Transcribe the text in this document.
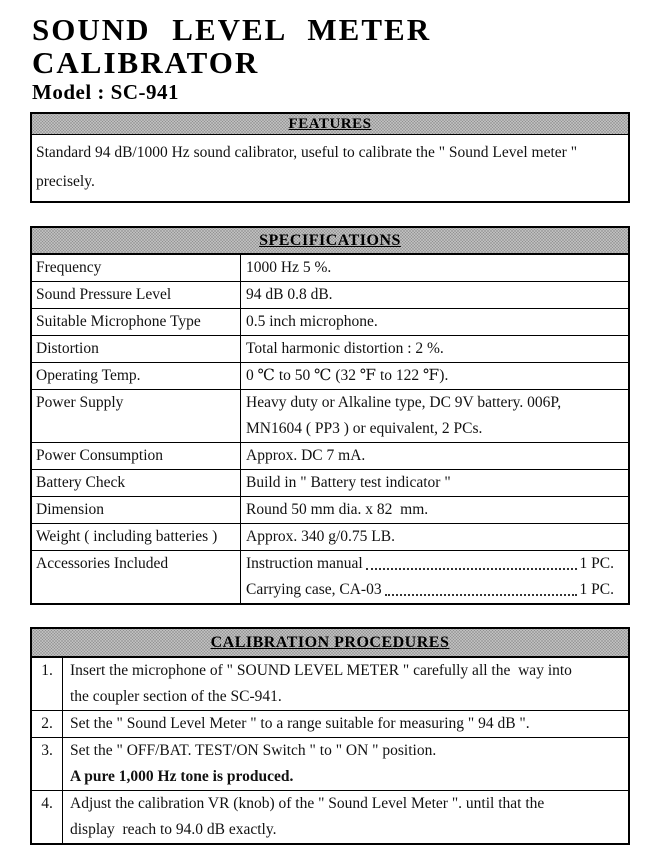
SOUND LEVEL METER CALIBRATOR
Model : SC-941
FEATURES
Standard 94 dB/1000 Hz sound calibrator, useful to calibrate the " Sound Level meter "
precisely.
SPECIFICATIONS
Frequency	1000 Hz 5 %.
Sound Pressure Level	94 dB 0.8 dB.
Suitable Microphone Type	0.5 inch microphone.
Distortion	Total harmonic distortion : 2 %.
Operating Temp.	0 ℃ to 50 ℃ (32 ℉ to 122 ℉).
Power Supply	Heavy duty or Alkaline type, DC 9V battery. 006P,
MN1604 ( PP3 ) or equivalent, 2 PCs.
Power Consumption	Approx. DC 7 mA.
Battery Check	Build in " Battery test indicator "
Dimension	Round 50 mm dia. x 82  mm.
Weight ( including batteries )	Approx. 340 g/0.75 LB.
Accessories Included	Instruction manual	1 PC.
Carrying case, CA-03	1 PC.
CALIBRATION PROCEDURES
1.	Insert the microphone of " SOUND LEVEL METER " carefully all the  way into
the coupler section of the SC-941.
2.	Set the " Sound Level Meter " to a range suitable for measuring " 94 dB ".
3.	Set the " OFF/BAT. TEST/ON Switch " to " ON " position.
A pure 1,000 Hz tone is produced.
4.	Adjust the calibration VR (knob) of the " Sound Level Meter ". until that the
display  reach to 94.0 dB exactly.
